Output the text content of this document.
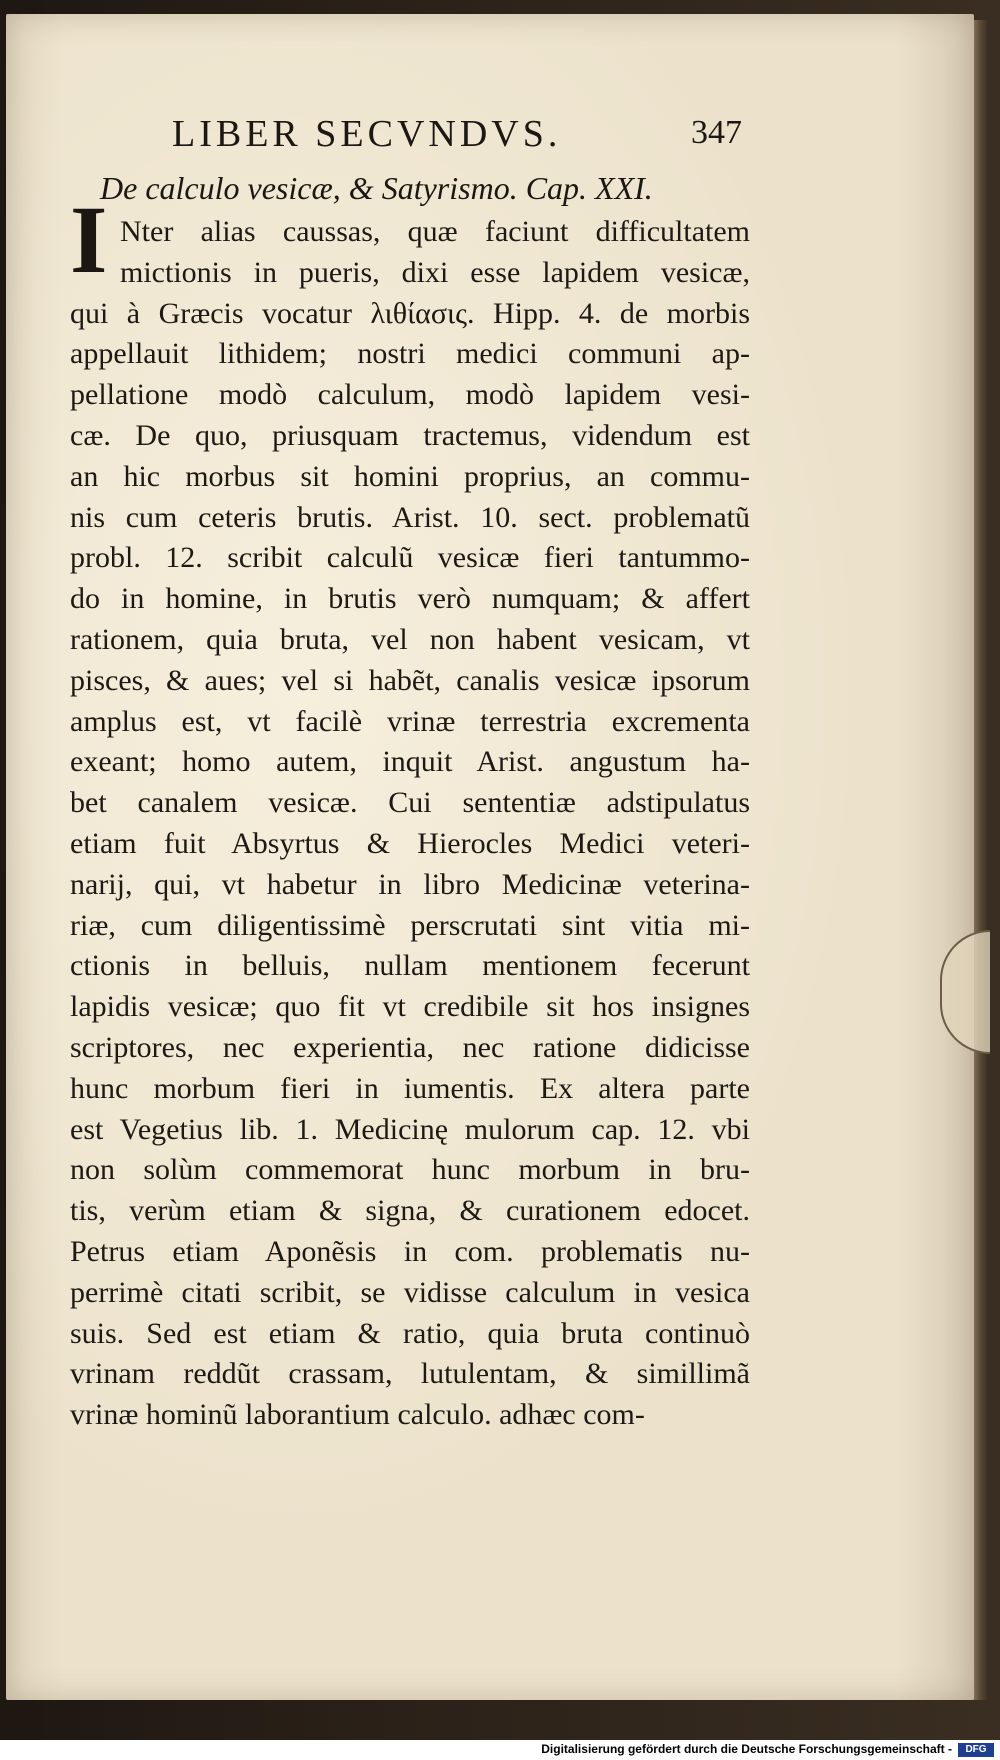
LIBER SECVNDVS.	347
De calculo vesicæ, & Satyrismo. Cap. XXI.
I Nter alias caussas, quæ faciunt difficultatem
mictionis in pueris, dixi esse lapidem vesicæ,
qui à Græcis vocatur λιθίασις. Hipp. 4. de morbis
appellauit lithidem; nostri medici communi ap-
pellatione modò calculum, modò lapidem vesi-
cæ. De quo, priusquam tractemus, videndum est
an hic morbus sit homini proprius, an commu-
nis cum ceteris brutis. Arist. 10. sect. problematũ
probl. 12. scribit calculũ vesicæ fieri tantummo-
do in homine, in brutis verò numquam; & affert
rationem, quia bruta, vel non habent vesicam, vt
pisces, & aues; vel si habẽt, canalis vesicæ ipsorum
amplus est, vt facilè vrinæ terrestria excrementa
exeant; homo autem, inquit Arist. angustum ha-
bet canalem vesicæ. Cui sententiæ adstipulatus
etiam fuit Absyrtus & Hierocles Medici veteri-
narij, qui, vt habetur in libro Medicinæ veterina-
riæ, cum diligentissimè perscrutati sint vitia mi-
ctionis in belluis, nullam mentionem fecerunt
lapidis vesicæ; quo fit vt credibile sit hos insignes
scriptores, nec experientia, nec ratione didicisse
hunc morbum fieri in iumentis. Ex altera parte
est Vegetius lib. 1. Medicinę mulorum cap. 12. vbi
non solùm commemorat hunc morbum in bru-
tis, verùm etiam & signa, & curationem edocet.
Petrus etiam Aponẽsis in com. problematis nu-
perrimè citati scribit, se vidisse calculum in vesica
suis. Sed est etiam & ratio, quia bruta continuò
vrinam reddũt crassam, lutulentam, & simillimã
vrinæ hominũ laborantium calculo. adhæc com-
Digitalisierung gefördert durch die Deutsche Forschungsgemeinschaft -	DFG
